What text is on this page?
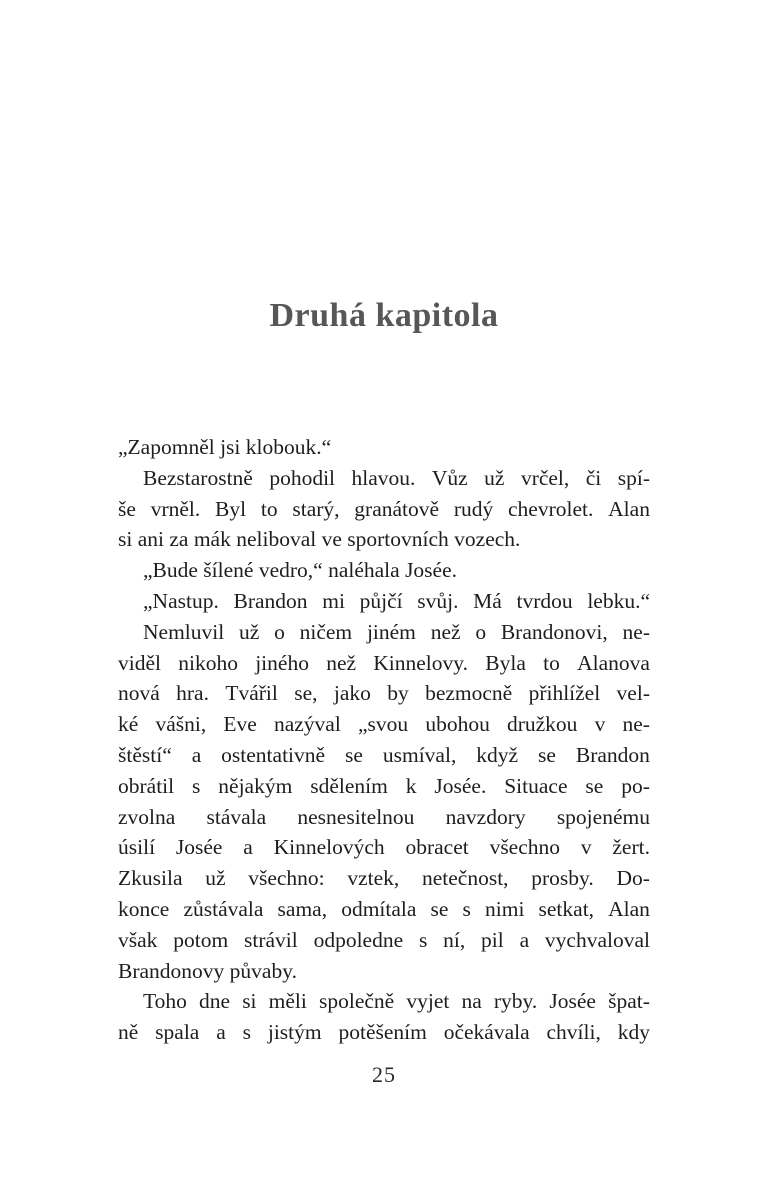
Druhá kapitola
„Zapomněl jsi klobouk.“
Bezstarostně pohodil hlavou. Vůz už vrčel, či spí-
še vrněl. Byl to starý, granátově rudý chevrolet. Alan
si ani za mák neliboval ve sportovních vozech.
„Bude šílené vedro,“ naléhala Josée.
„Nastup. Brandon mi půjčí svůj. Má tvrdou lebku.“
Nemluvil už o ničem jiném než o Brandonovi, ne-
viděl nikoho jiného než Kinnelovy. Byla to Alanova
nová hra. Tvářil se, jako by bezmocně přihlížel vel-
ké vášni, Eve nazýval „svou ubohou družkou v ne-
štěstí“ a ostentativně se usmíval, když se Brandon
obrátil s nějakým sdělením k Josée. Situace se po-
zvolna stávala nesnesitelnou navzdory spojenému
úsilí Josée a Kinnelových obracet všechno v žert.
Zkusila už všechno: vztek, netečnost, prosby. Do-
konce zůstávala sama, odmítala se s nimi setkat, Alan
však potom strávil odpoledne s ní, pil a vychvaloval
Brandonovy půvaby.
Toho dne si měli společně vyjet na ryby. Josée špat-
ně spala a s jistým potěšením očekávala chvíli, kdy
25
